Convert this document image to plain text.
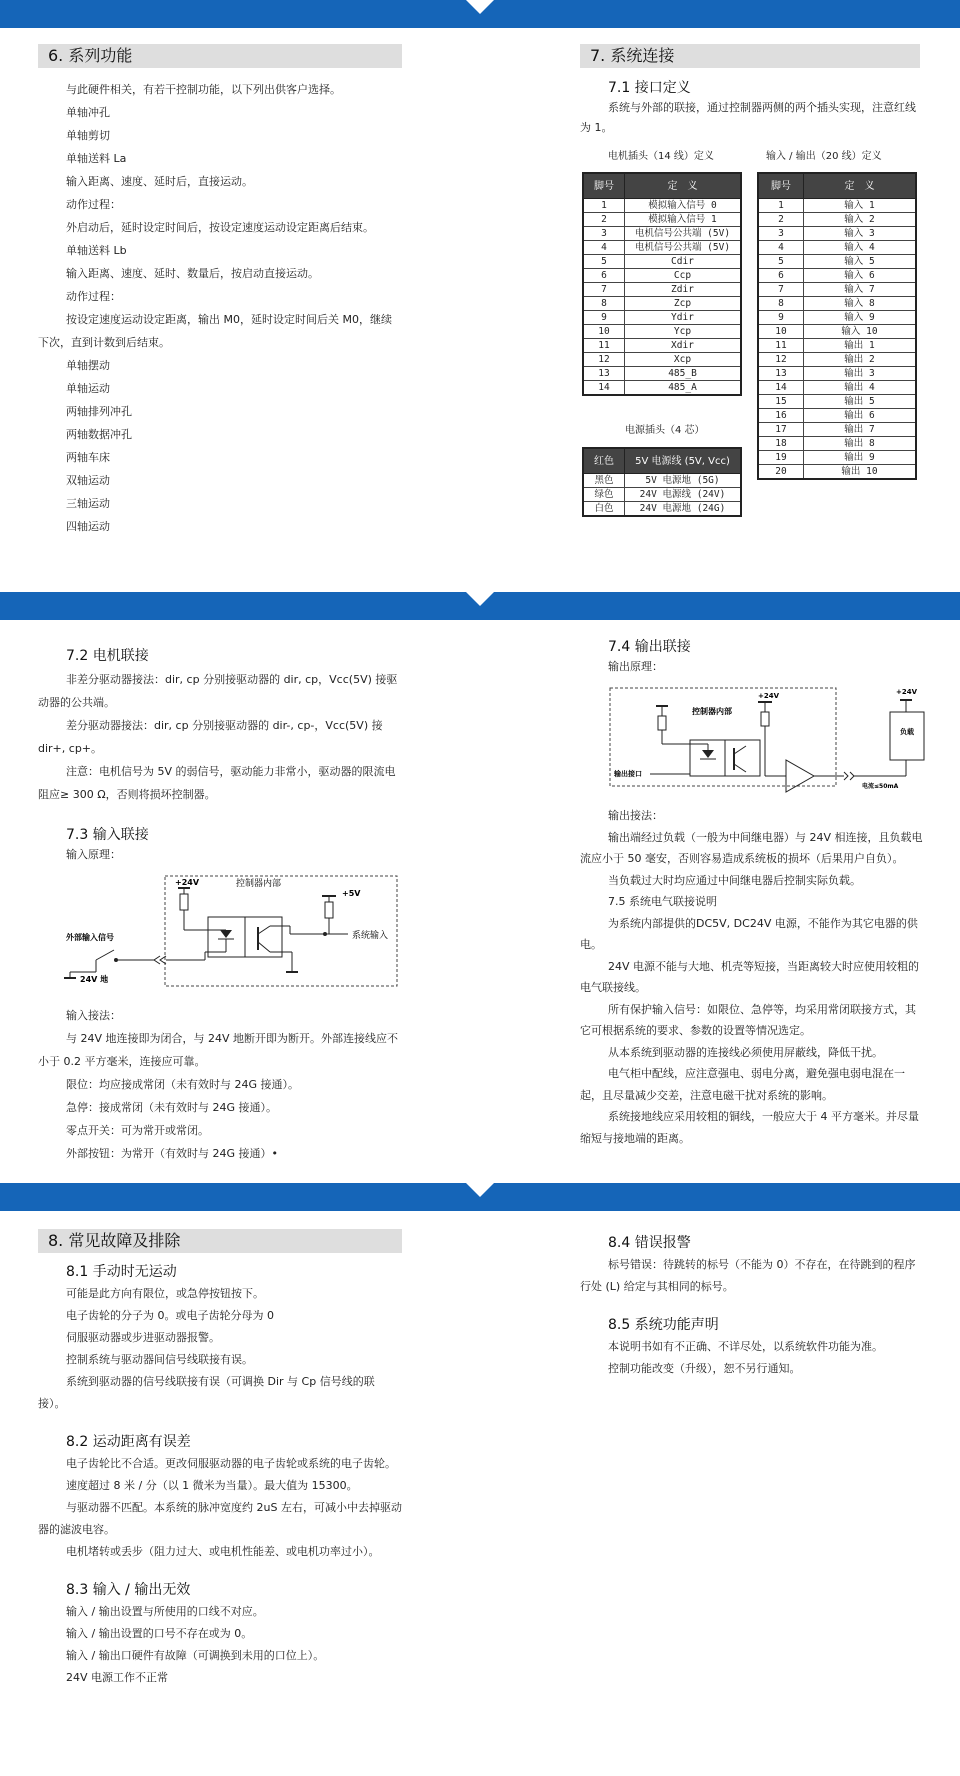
6. 系列功能
与此硬件相关，有若干控制功能，以下列出供客户选择。
单轴冲孔
单轴剪切
单轴送料 La
输入距离、速度、延时后，直接运动。
动作过程：
外启动后，延时设定时间后，按设定速度运动设定距离后结束。
单轴送料 Lb
输入距离、速度、延时、数量后，按启动直接运动。
动作过程：

按设定速度运动设定距离，输出 M0，延时设定时间后关 M0，继续下次，直到计数到后结束。

单轴摆动
单轴运动
两轴排列冲孔
两轴数据冲孔
两轴车床
双轴运动
三轴运动
四轴运动
7. 系统连接
7.1 接口定义

系统与外部的联接，通过控制器两侧的两个插头实现，注意红线为 1。

电机插头（14 线）定义	输入 / 输出（20 线）定义
脚号	定　义
1	模拟输入信号 0
2	模拟输入信号 1
3	电机信号公共端 (5V)
4	电机信号公共端 (5V)
5	Cdir
6	Ccp
7	Zdir
8	Zcp
9	Ydir
10	Ycp
11	Xdir
12	Xcp
13	485_B
14	485_A
电源插头（4 芯）
红色	5V 电源线 (5V, Vcc)
黑色	5V 电源地 (5G)
绿色	24V 电源线 (24V)
白色	24V 电源地 (24G)
脚号	定　义
1	输入 1
2	输入 2
3	输入 3
4	输入 4
5	输入 5
6	输入 6
7	输入 7
8	输入 8
9	输入 9
10	输入 10
11	输出 1
12	输出 2
13	输出 3
14	输出 4
15	输出 5
16	输出 6
17	输出 7
18	输出 8
19	输出 9
20	输出 10
7.2 电机联接

非差分驱动器接法：dir, cp 分别接驱动器的 dir, cp，Vcc(5V) 接驱动器的公共端。

差分驱动器接法：dir, cp 分别接驱动器的 dir-, cp-，Vcc(5V) 接 dir+, cp+。

注意：电机信号为 5V 的弱信号，驱动能力非常小，驱动器的限流电阻应≥ 300 Ω，否则将损坏控制器。

7.3 输入联接
输入原理：
+24V	控制器内部
+5V
系统输入
外部输入信号
24V 地
输入接法：

与 24V 地连接即为闭合，与 24V 地断开即为断开。外部连接线应不小于 0.2 平方毫米，连接应可靠。

限位：均应接成常闭（未有效时与 24G 接通）。
急停：接成常闭（未有效时与 24G 接通）。
零点开关：可为常开或常闭。
外部按钮：为常开（有效时与 24G 接通）•
7.4 输出联接
输出原理：
控制器内部
+24V
输出接口
电流≤50mA
负载
+24V
输出接法：

输出端经过负载（一般为中间继电器）与 24V 相连接，且负载电流应小于 50 毫安，否则容易造成系统板的损坏（后果用户自负）。

当负载过大时均应通过中间继电器后控制实际负载。

7.5 系统电气联接说明

为系统内部提供的DC5V, DC24V 电源，不能作为其它电器的供电。

24V 电源不能与大地、机壳等短接，当距离较大时应使用较粗的电气联接线。

所有保护输入信号：如限位、急停等，均采用常闭联接方式，其它可根据系统的要求、参数的设置等情况选定。

从本系统到驱动器的连接线必须使用屏蔽线，降低干扰。

电气柜中配线，应注意强电、弱电分离，避免强电弱电混在一起，且尽量减少交差，注意电磁干扰对系统的影响。

系统接地线应采用较粗的铜线，一般应大于 4 平方毫米。并尽量缩短与接地端的距离。

8. 常见故障及排除
8.1 手动时无运动
可能是此方向有限位，或急停按钮按下。
电子齿轮的分子为 0。或电子齿轮分母为 0
伺服驱动器或步进驱动器报警。
控制系统与驱动器间信号线联接有误。

系统到驱动器的信号线联接有误（可调换 Dir 与 Cp 信号线的联接）。

8.2 运动距离有误差

电子齿轮比不合适。更改伺服驱动器的电子齿轮或系统的电子齿轮。

速度超过 8 米 / 分（以 1 微米为当量）。最大值为 15300。

与驱动器不匹配。本系统的脉冲宽度约 2uS 左右，可减小中去掉驱动器的滤波电容。

电机堵转或丢步（阻力过大、或电机性能差、或电机功率过小）。

8.3 输入 / 输出无效
输入 / 输出设置与所使用的口线不对应。
输入 / 输出设置的口号不存在或为 0。
输入 / 输出口硬件有故障（可调换到未用的口位上）。
24V 电源工作不正常
8.4 错误报警

标号错误：待跳转的标号（不能为 0）不存在，在待跳到的程序行处 (L) 给定与其相同的标号。

8.5 系统功能声明
本说明书如有不正确、不详尽处，以系统软件功能为准。
控制功能改变（升级），恕不另行通知。
